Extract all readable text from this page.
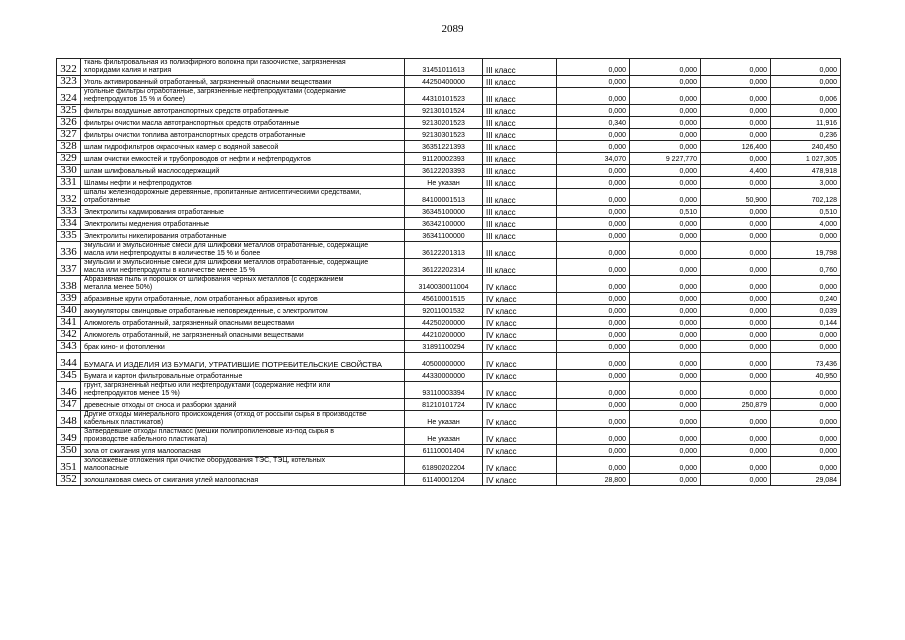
2089
322	ткань фильтровальная из полиэфирного волокна при газоочистке, загрязненная
хлоридами калия и натрия	31451011613	III класс	0,000	0,000	0,000	0,000
323	Уголь активированный отработанный, загрязненный опасными веществами	44250400000	III класс	0,000	0,000	0,000	0,000
324	угольные фильтры отработанные, загрязненные нефтепродуктами (содержание
нефтепродуктов 15 % и более)	44310101523	III класс	0,000	0,000	0,000	0,006
325	фильтры воздушные автотранспортных средств отработанные	92130101524	III класс	0,000	0,000	0,000	0,000
326	фильтры очистки масла автотранспортных средств отработанные	92130201523	III класс	0,340	0,000	0,000	11,916
327	фильтры очистки топлива автотранспортных средств отработанные	92130301523	III класс	0,000	0,000	0,000	0,236
328	шлам гидрофильтров окрасочных камер с водяной завесой	36351221393	III класс	0,000	0,000	126,400	240,450
329	шлам очистки емкостей и трубопроводов от нефти и нефтепродуктов	91120002393	III класс	34,070	9 227,770	0,000	1 027,305
330	шлам шлифовальный маслосодержащий	36122203393	III класс	0,000	0,000	4,400	478,918
331	Шламы нефти и нефтепродуктов	Не указан	III класс	0,000	0,000	0,000	3,000
332	шпалы железнодорожные деревянные, пропитанные антисептическими средствами,
отработанные	84100001513	III класс	0,000	0,000	50,900	702,128
333	Электролиты кадмирования отработанные	36345100000	III класс	0,000	0,510	0,000	0,510
334	Электролиты меднения отработанные	36342100000	III класс	0,000	0,000	0,000	4,000
335	Электролиты никелирования отработанные	36341100000	III класс	0,000	0,000	0,000	0,000
336	эмульсии и эмульсионные смеси для шлифовки металлов отработанные, содержащие
масла или нефтепродукты в количестве 15 % и более	36122201313	III класс	0,000	0,000	0,000	19,798
337	эмульсии и эмульсионные смеси для шлифовки металлов отработанные, содержащие
масла или нефтепродукты в количестве менее 15 %	36122202314	III класс	0,000	0,000	0,000	0,760
338	Абразивная пыль и порошок от шлифования черных металлов (с содержанием
металла менее 50%)	3140030011004	IV класс	0,000	0,000	0,000	0,000
339	абразивные круги отработанные, лом отработанных абразивных кругов	45610001515	IV класс	0,000	0,000	0,000	0,240
340	аккумуляторы свинцовые отработанные неповрежденные, с электролитом	92011001532	IV класс	0,000	0,000	0,000	0,039
341	Алюмогель отработанный, загрязненный опасными веществами	44250200000	IV класс	0,000	0,000	0,000	0,144
342	Алюмогель отработанный, не загрязненный опасными веществами	44210200000	IV класс	0,000	0,000	0,000	0,000
343	брак кино- и фотопленки	31891100294	IV класс	0,000	0,000	0,000	0,000
344	БУМАГА И ИЗДЕЛИЯ ИЗ БУМАГИ, УТРАТИВШИЕ ПОТРЕБИТЕЛЬСКИЕ СВОЙСТВА	40500000000	IV класс	0,000	0,000	0,000	73,436
345	Бумага и картон фильтровальные отработанные	44330000000	IV класс	0,000	0,000	0,000	40,950
346	грунт, загрязненный нефтью или нефтепродуктами (содержание нефти или
нефтепродуктов менее 15 %)	93110003394	IV класс	0,000	0,000	0,000	0,000
347	древесные отходы от сноса и разборки зданий	81210101724	IV класс	0,000	0,000	250,879	0,000
348	Другие отходы минерального происхождения (отход от россыпи сырья в производстве
кабельных пластикатов)	Не указан	IV класс	0,000	0,000	0,000	0,000
349	Затвердевшие отходы пластмасс (мешки полипропиленовые из-под сырья в
производстве кабельного пластиката)	Не указан	IV класс	0,000	0,000	0,000	0,000
350	зола от сжигания угля малоопасная	61110001404	IV класс	0,000	0,000	0,000	0,000
351	золосажевые отложения при очистке оборудования ТЭС, ТЭЦ, котельных
малоопасные	61890202204	IV класс	0,000	0,000	0,000	0,000
352	золошлаковая смесь от сжигания углей малоопасная	61140001204	IV класс	28,800	0,000	0,000	29,084
